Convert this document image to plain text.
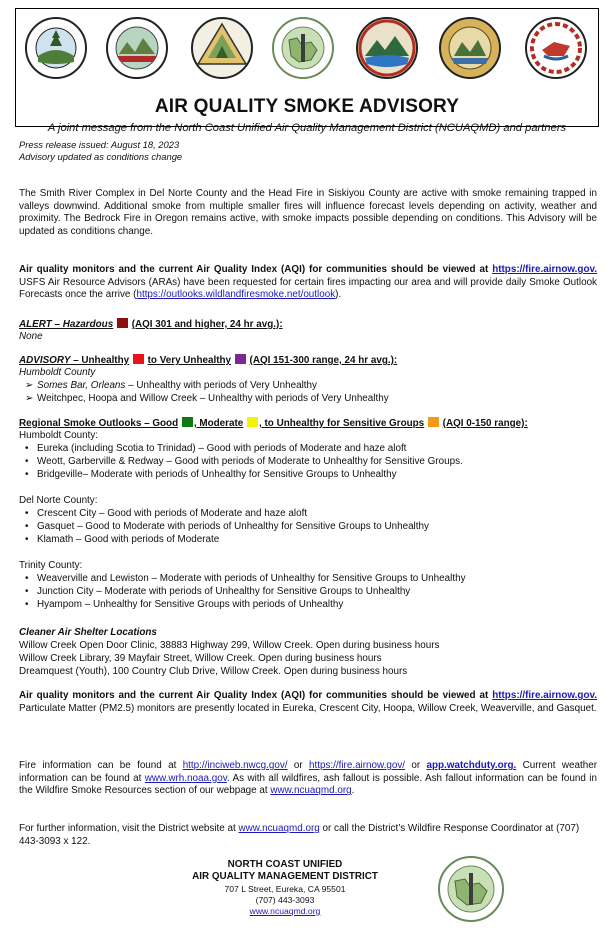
AIR QUALITY SMOKE ADVISORY
A joint message from the North Coast Unified Air Quality Management District (NCUAQMD) and partners
Press release issued: August 18, 2023
Advisory updated as conditions change
The Smith River Complex in Del Norte County and the Head Fire in Siskiyou County are active with smoke remaining trapped in valleys downwind. Additional smoke from multiple smaller fires will influence forecast levels depending on activity, weather and proximity. The Bedrock Fire in Oregon remains active, with smoke impacts possible depending on conditions. This Advisory will be updated as conditions change.
Air quality monitors and the current Air Quality Index (AQI) for communities should be viewed at https://fire.airnow.gov. USFS Air Resource Advisors (ARAs) have been requested for certain fires impacting our area and will provide daily Smoke Outlook Forecasts once the arrive (https://outlooks.wildlandfiresmoke.net/outlook).
ALERT – Hazardous (AQI 301 and higher, 24 hr avg.):
None
ADVISORY – Unhealthy to Very Unhealthy (AQI 151-300 range, 24 hr avg.):
Humboldt County
➢ Somes Bar, Orleans – Unhealthy with periods of Very Unhealthy
➢ Weitchpec, Hoopa and Willow Creek – Unhealthy with periods of Very Unhealthy
Regional Smoke Outlooks – Good , Moderate , to Unhealthy for Sensitive Groups (AQI 0-150 range):
Humboldt County:
• Eureka (including Scotia to Trinidad) – Good with periods of Moderate and haze aloft
• Weott, Garberville & Redway – Good with periods of Moderate to Unhealthy for Sensitive Groups.
• Bridgeville– Moderate with periods of Unhealthy for Sensitive Groups to Unhealthy
Del Norte County:
• Crescent City – Good with periods of Moderate and haze aloft
• Gasquet – Good to Moderate with periods of Unhealthy for Sensitive Groups to Unhealthy
• Klamath – Good with periods of Moderate
Trinity County:
• Weaverville and Lewiston – Moderate with periods of Unhealthy for Sensitive Groups to Unhealthy
• Junction City – Moderate with periods of Unhealthy for Sensitive Groups to Unhealthy
• Hyampom – Unhealthy for Sensitive Groups with periods of Unhealthy
Cleaner Air Shelter Locations
Willow Creek Open Door Clinic, 38883 Highway 299, Willow Creek. Open during business hours
Willow Creek Library, 39 Mayfair Street, Willow Creek. Open during business hours
Dreamquest (Youth), 100 Country Club Drive, Willow Creek. Open during business hours
Air quality monitors and the current Air Quality Index (AQI) for communities should be viewed at https://fire.airnow.gov. Particulate Matter (PM2.5) monitors are presently located in Eureka, Crescent City, Hoopa, Willow Creek, Weaverville, and Gasquet.
Fire information can be found at http://inciweb.nwcg.gov/ or https://fire.airnow.gov/ or app.watchduty.org. Current weather information can be found at www.wrh.noaa.gov. As with all wildfires, ash fallout is possible. Ash fallout information can be found in the Wildfire Smoke Resources section of our webpage at www.ncuaqmd.org.
For further information, visit the District website at www.ncuaqmd.org or call the District’s Wildfire Response Coordinator at (707) 443-3093 x 122.
NORTH COAST UNIFIED
AIR QUALITY MANAGEMENT DISTRICT
707 L Street, Eureka, CA 95501
(707) 443-3093
www.ncuaqmd.org
